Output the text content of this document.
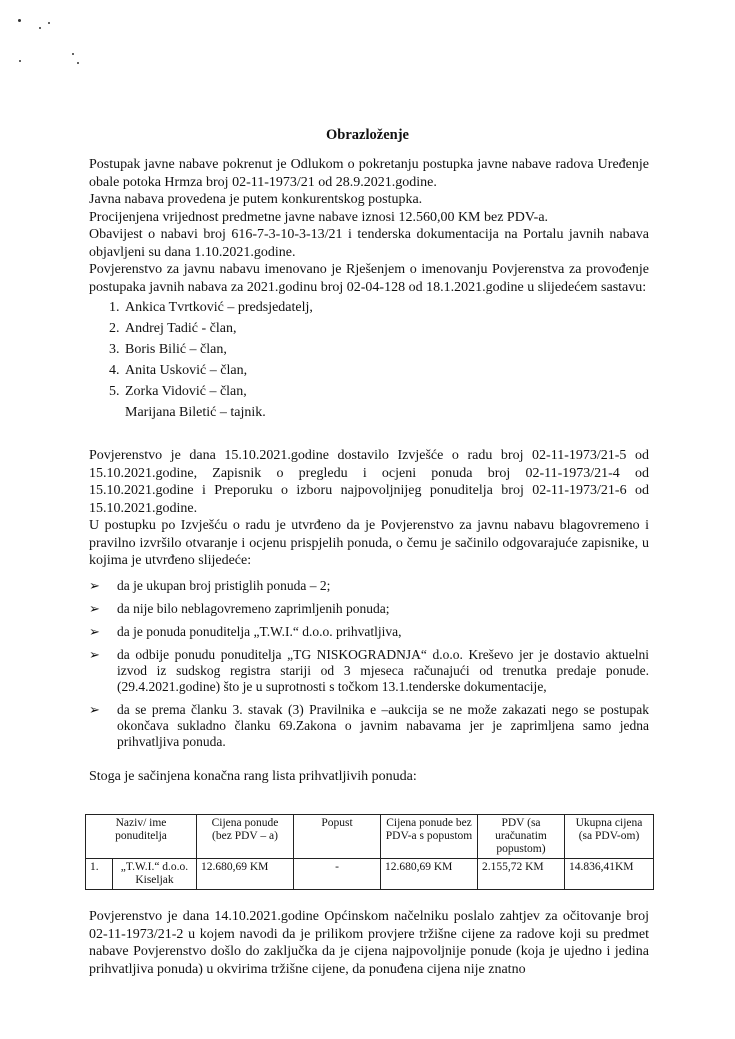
Obrazloženje

Postupak javne nabave pokrenut je Odlukom o pokretanju postupka javne nabave radova Uređenje obale potoka Hrmza broj 02-11-1973/21 od 28.9.2021.godine.

Javna nabava provedena je putem konkurentskog postupka.

Procijenjena vrijednost predmetne javne nabave iznosi 12.560,00 KM bez PDV-a.

Obavijest o nabavi broj 616-7-3-10-3-13/21 i tenderska dokumentacija na Portalu javnih nabava objavljeni su dana 1.10.2021.godine.

Povjerenstvo za javnu nabavu imenovano je Rješenjem o imenovanju Povjerenstva za provođenje postupaka javnih nabava za 2021.godinu broj 02-04-128 od 18.1.2021.godine u slijedećem sastavu:

1. Ankica Tvrtković – predsjedatelj,
2. Andrej Tadić - član,
3. Boris Bilić – član,
4. Anita Usković – član,
5. Zorka Vidović – član,
Marijana Biletić – tajnik.

Povjerenstvo je dana 15.10.2021.godine dostavilo Izvješće o radu broj 02-11-1973/21-5 od 15.10.2021.godine, Zapisnik o pregledu i ocjeni ponuda broj 02-11-1973/21-4 od 15.10.2021.godine i Preporuku o izboru najpovoljnijeg ponuditelja broj 02-11-1973/21-6 od 15.10.2021.godine.

U postupku po Izvješću o radu je utvrđeno da je Povjerenstvo za javnu nabavu blagovremeno i pravilno izvršilo otvaranje i ocjenu prispjelih ponuda, o čemu je sačinilo odgovarajuće zapisnike, u kojima je utvrđeno slijedeće:

➢ da je ukupan broj pristiglih ponuda – 2;
➢ da nije bilo neblagovremeno zaprimljenih ponuda;
➢ da je ponuda ponuditelja „T.W.I.“ d.o.o. prihvatljiva,
➢ da odbije ponudu ponuditelja „TG NISKOGRADNJA“ d.o.o. Kreševo jer je dostavio aktuelni izvod iz sudskog registra stariji od 3 mjeseca računajući od trenutka predaje ponude. (29.4.2021.godine) što je u suprotnosti s točkom 13.1.tenderske dokumentacije,
➢ da se prema članku 3. stavak (3) Pravilnika e –aukcija se ne može zakazati nego se postupak okončava sukladno članku 69.Zakona o javnim nabavama jer je zaprimljena samo jedna prihvatljiva ponuda.

Stoga je sačinjena konačna rang lista prihvatljivih ponuda:

Naziv/ ime ponuditelja		Cijena ponude (bez PDV – a)	Popust	Cijena ponude bez PDV-a s popustom	PDV (sa uračunatim popustom)	Ukupna cijena (sa PDV-om)
1.	„T.W.I.“ d.o.o. Kiseljak	12.680,69 KM	-	12.680,69 KM	2.155,72 KM	14.836,41KM
Povjerenstvo je dana 14.10.2021.godine Općinskom načelniku poslalo zahtjev za očitovanje broj 02-11-1973/21-2 u kojem navodi da je prilikom provjere tržišne cijene za radove koji su predmet nabave Povjerenstvo došlo do zaključka da je cijena najpovoljnije ponude (koja je ujedno i jedina prihvatljiva ponuda) u okvirima tržišne cijene, da ponuđena cijena nije znatno
